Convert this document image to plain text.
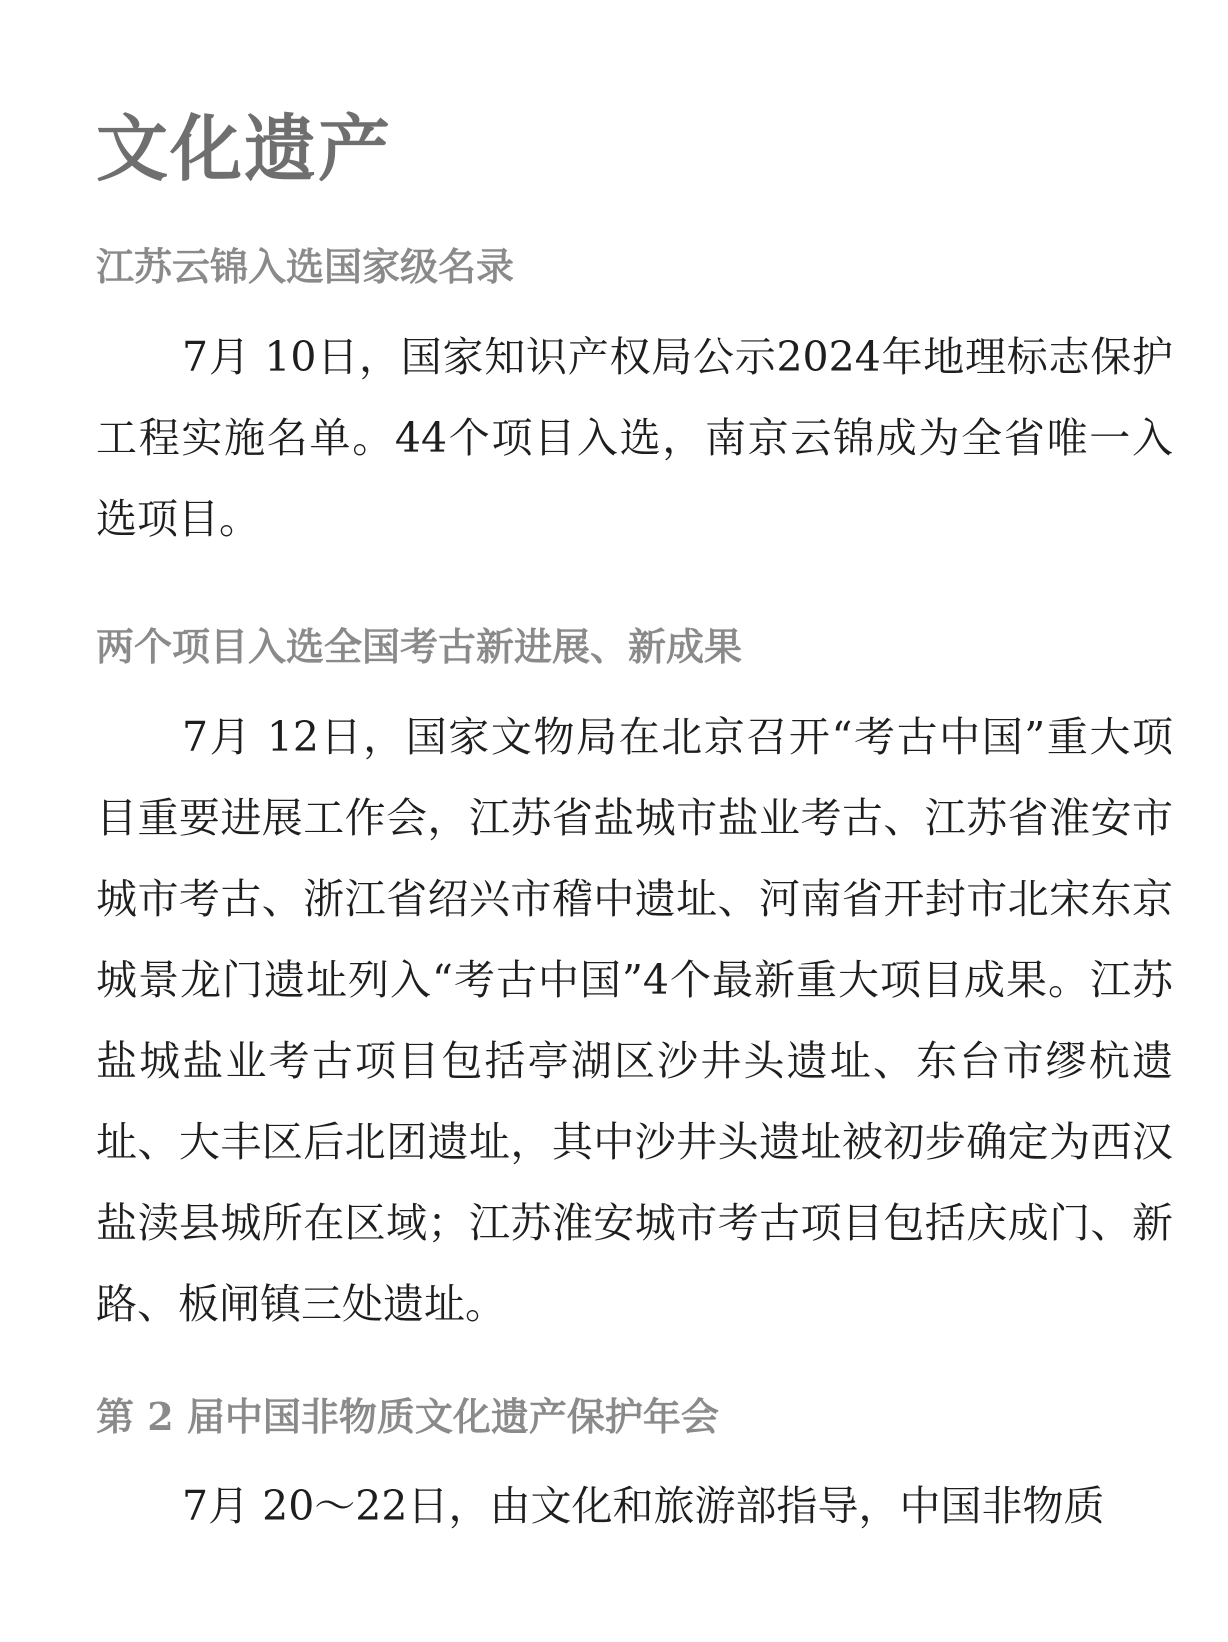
文化遗产
江苏云锦入选国家级名录

7月 10日，国家知识产权局公示2024年地理标志保护工程实施名单。44个项目入选，南京云锦成为全省唯一入选项目。

两个项目入选全国考古新进展、新成果

7月 12日，国家文物局在北京召开“考古中国”重大项目重要进展工作会，江苏省盐城市盐业考古、江苏省淮安市城市考古、浙江省绍兴市稽中遗址、河南省开封市北宋东京城景龙门遗址列入“考古中国”4个最新重大项目成果。江苏盐城盐业考古项目包括亭湖区沙井头遗址、东台市缪杭遗址、大丰区后北团遗址，其中沙井头遗址被初步确定为西汉盐渎县城所在区域；江苏淮安城市考古项目包括庆成门、新路、板闸镇三处遗址。

第 2 届中国非物质文化遗产保护年会

7月 20～22日，由文化和旅游部指导，中国非物质
